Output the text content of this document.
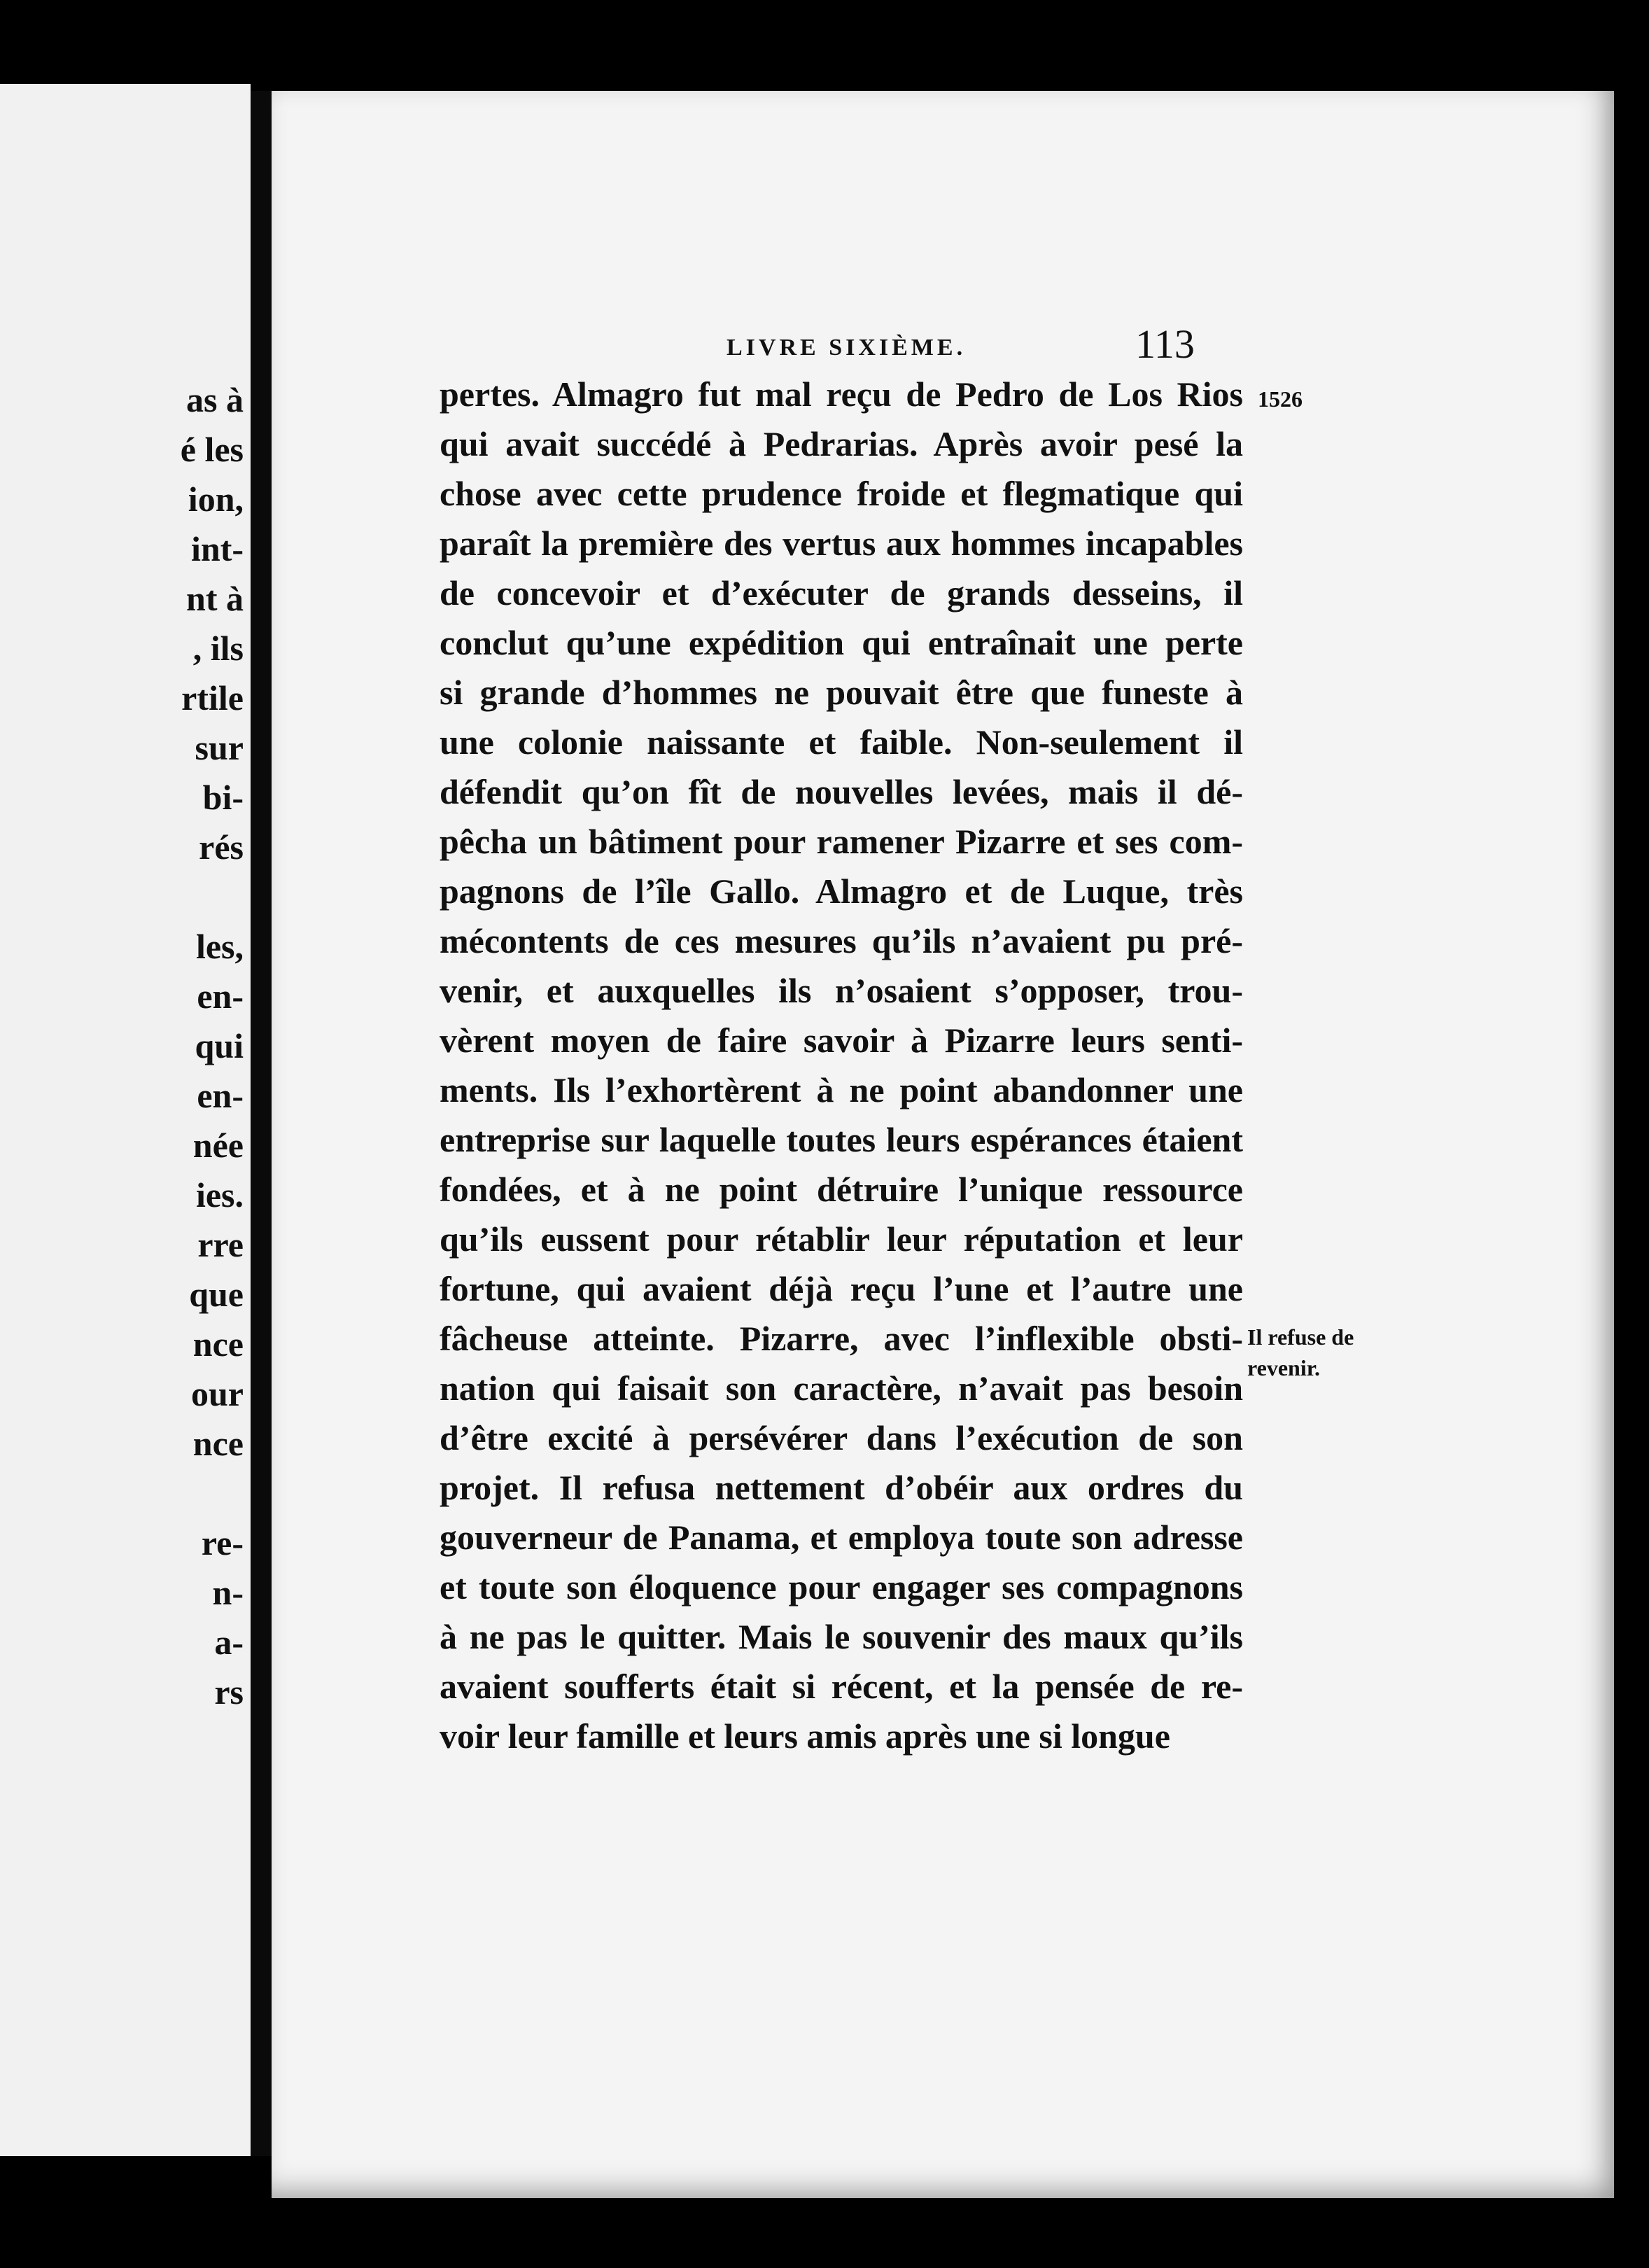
as à
é les
ion,
int-
nt à
, ils
rtile
sur
bi-
rés
les,
en-
qui
en-
née
ies.
rre
que
nce
our
nce
re-
n-
a-
rs
LIVRE SIXIÈME.	113
1526
Il refuse de
revenir.
pertes. Almagro fut mal reçu de Pedro de Los Rios
qui avait succédé à Pedrarias. Après avoir pesé la
chose avec cette prudence froide et flegmatique qui
paraît la première des vertus aux hommes incapables
de concevoir et d’exécuter de grands desseins, il
conclut qu’une expédition qui entraînait une perte
si grande d’hommes ne pouvait être que funeste à
une colonie naissante et faible. Non-seulement il
défendit qu’on fît de nouvelles levées, mais il dé-
pêcha un bâtiment pour ramener Pizarre et ses com-
pagnons de l’île Gallo. Almagro et de Luque, très
mécontents de ces mesures qu’ils n’avaient pu pré-
venir, et auxquelles ils n’osaient s’opposer, trou-
vèrent moyen de faire savoir à Pizarre leurs senti-
ments. Ils l’exhortèrent à ne point abandonner une
entreprise sur laquelle toutes leurs espérances étaient
fondées, et à ne point détruire l’unique ressource
qu’ils eussent pour rétablir leur réputation et leur
fortune, qui avaient déjà reçu l’une et l’autre une
fâcheuse atteinte. Pizarre, avec l’inflexible obsti-
nation qui faisait son caractère, n’avait pas besoin
d’être excité à persévérer dans l’exécution de son
projet. Il refusa nettement d’obéir aux ordres du
gouverneur de Panama, et employa toute son adresse
et toute son éloquence pour engager ses compagnons
à ne pas le quitter. Mais le souvenir des maux qu’ils
avaient soufferts était si récent, et la pensée de re-
voir leur famille et leurs amis après une si longue
